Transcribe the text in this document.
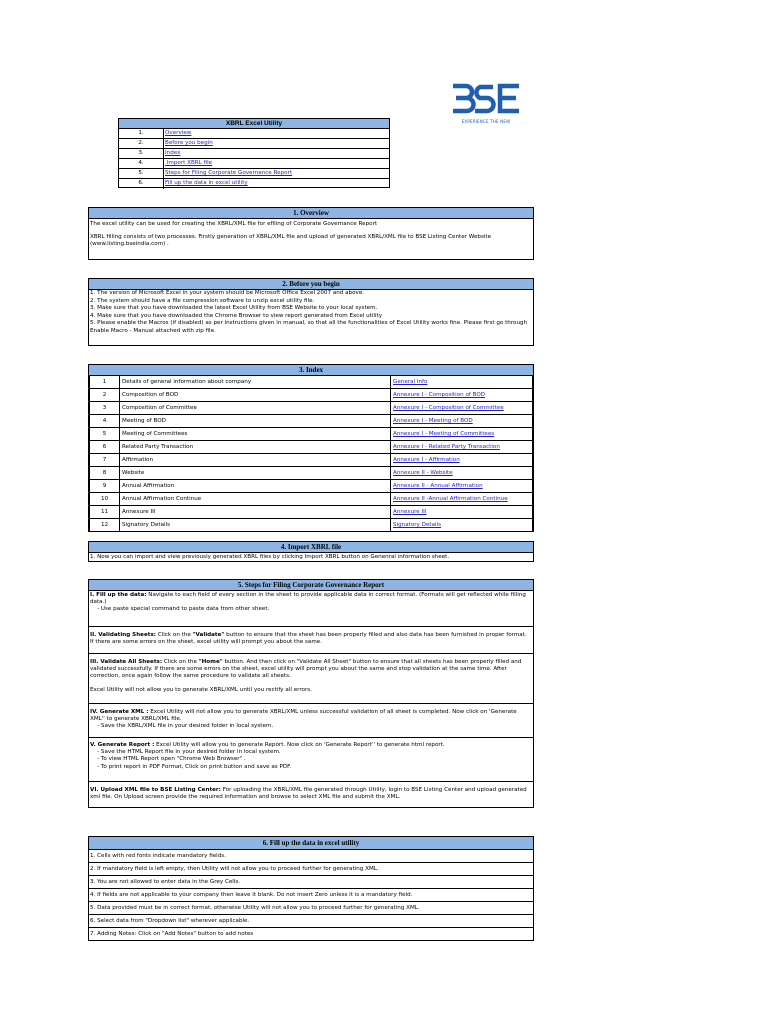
EXPERIENCE THE NEW
XBRL Excel Utility
1.	Overview
2.	Before you begin
3.	Index
4.	Import XBRL file
5.	Steps for Filing Corporate Governance Report
6.	Fill up the data in excel utility
1. Overview
The excel utility can be used for creating the XBRL/XML file for efiling of Corporate Governance Report
XBRL filling consists of two processes. Firstly generation of XBRL/XML file and upload of generated XBRL/XML file to BSE Listing Center Website (www.listing.bseindia.com) .
2. Before you begin
1. The version of Microsoft Excel in your system should be Microsoft Office Excel 2007 and above.
2. The system should have a file compression software to unzip excel utility file.
3. Make sure that you have downloaded the latest Excel Utility from BSE Website to your local system.
4. Make sure that you have downloaded the Chrome Browser to view report generated from Excel utility
5. Please enable the Macros (if disabled) as per instructions given in manual, so that all the functionalities of Excel Utility works fine. Please first go through Enable Macro - Manual attached with zip file.
3. Index
1	Details of general information about company	General Info
2	Composition of BOD	Annexure I - Composition of BOD
3	Composition of Committee	Annexure I - Composition of Committee
4	Meeting of BOD	Annexure I - Meeting of BOD
5	Meeting of Committees	Annexure I - Meeting of Committees
6	Related Party Transaction	Annexure I - Related Party Transaction
7	Affirmation	Annexure I - Affirmation
8	Website	Annexure II - Website
9	Annual Affirmation	Annexure II - Annual Affirmation
10	Annual Affirmation Continue	Annexure II -Annual Affirmation Continue
11	Annexure III	Annexure III
12	Signatory Details	Signatory Details
4. Import XBRL file
1. Now you can import and view previously generated XBRL files by clicking Import XBRL button on Genenral information sheet.
5. Steps for Filing Corporate Governance Report
I. Fill up the data: Navigate to each field of every section in the sheet to provide applicable data in correct format. (Formats will get reflected while filling data.)
- Use paste special command to paste data from other sheet.
II. Validating Sheets: Click on the "Validate" button to ensure that the sheet has been properly filled and also data has been furnished in proper format. If there are some errors on the sheet, excel utility will prompt you about the same.
III. Validate All Sheets: Click on the "Home" button. And then click on "Validate All Sheet" button to ensure that all sheets has been properly filled and validated successfully. If there are some errors on the sheet, excel utility will prompt you about the same and stop validation at the same time. After correction, once again follow the same procedure to validate all sheets.
Excel Utility will not allow you to generate XBRL/XML until you rectify all errors.
IV. Generate XML : Excel Utility will not allow you to generate XBRL/XML unless successful validation of all sheet is completed. Now click on 'Generate XML'' to generate XBRL/XML file.
- Save the XBRL/XML file in your desired folder in local system.
V. Generate Report : Excel Utility will allow you to generate Report. Now click on 'Generate Report'' to generate html report.
- Save the HTML Report file in your desired folder in local system.
- To view HTML Report open "Chrome Web Browser" .
- To print report in PDF Format, Click on print button and save as PDF.
VI. Upload XML file to BSE Listing Center: For uploading the XBRL/XML file generated through Utility, login to BSE Listing Center and upload generated xml file. On Upload screen provide the required information and browse to select XML file and submit the XML.
6. Fill up the data in excel utility
1. Cells with red fonts indicate mandatory fields.
2. If mandatory field is left empty, then Utility will not allow you to proceed further for generating XML.
3. You are not allowed to enter data in the Grey Cells.
4. If fields are not applicable to your company then leave it blank. Do not insert Zero unless it is a mandatory field.
5. Data provided must be in correct format, otherwise Utility will not allow you to proceed further for generating XML.
6. Select data from "Dropdown list" wherever applicable.
7. Adding Notes: Click on "Add Notes" button to add notes
